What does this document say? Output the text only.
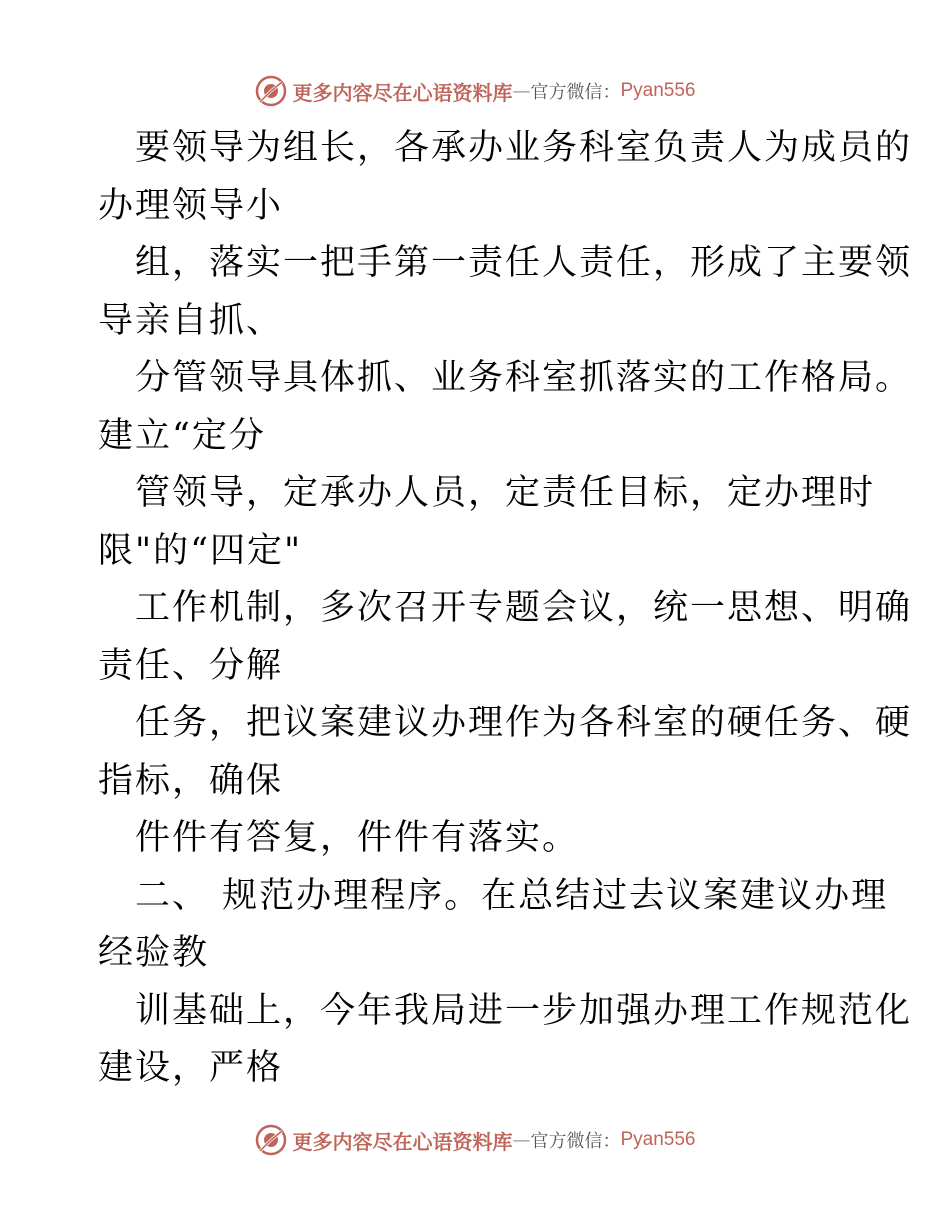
更多内容尽在心语资料库 — 官方微信： Pyan556
要领导为组长，各承办业务科室负责人为成员的
办理领导小
组，落实一把手第一责任人责任，形成了主要领
导亲自抓、
分管领导具体抓、业务科室抓落实的工作格局。
建立“定分
管领导，定承办人员，定责任目标，定办理时
限"的“四定"
工作机制，多次召开专题会议，统一思想、明确
责任、分解
任务，把议案建议办理作为各科室的硬任务、硬
指标，确保
件件有答复，件件有落实。
二、 规范办理程序。在总结过去议案建议办理
经验教
训基础上，今年我局进一步加强办理工作规范化
建设，严格
更多内容尽在心语资料库 — 官方微信： Pyan556
